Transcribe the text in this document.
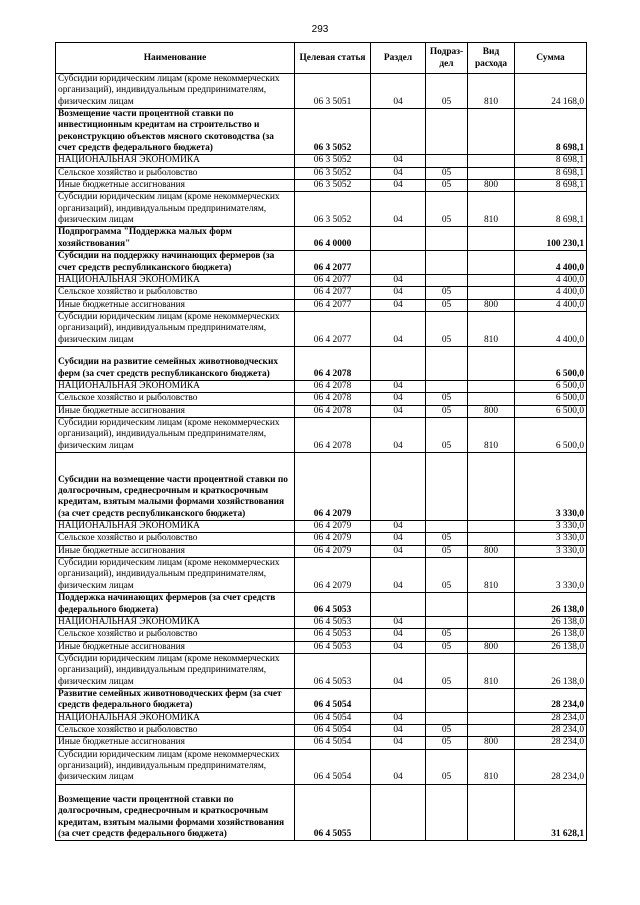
293
Наименование	Целевая статья	Раздел	Подраз- дел	Вид расхода	Сумма
Субсидии юридическим лицам (кроме некоммерческих организаций), индивидуальным предпринимателям, физическим лицам	06 3 5051	04	05	810	24 168,0
Возмещение части процентной ставки по инвестиционным кредитам на строительство и реконструкцию объектов мясного скотоводства (за счет средств федерального бюджета)	06 3 5052				8 698,1
НАЦИОНАЛЬНАЯ ЭКОНОМИКА	06 3 5052	04			8 698,1
Сельское хозяйство и рыболовство	06 3 5052	04	05		8 698,1
Иные бюджетные ассигнования	06 3 5052	04	05	800	8 698,1
Субсидии юридическим лицам (кроме некоммерческих организаций), индивидуальным предпринимателям, физическим лицам	06 3 5052	04	05	810	8 698,1
Подпрограмма "Поддержка малых форм хозяйствования"	06 4 0000				100 230,1
Субсидии на поддержку начинающих фермеров (за счет средств республиканского бюджета)	06 4 2077				4 400,0
НАЦИОНАЛЬНАЯ ЭКОНОМИКА	06 4 2077	04			4 400,0
Сельское хозяйство и рыболовство	06 4 2077	04	05		4 400,0
Иные бюджетные ассигнования	06 4 2077	04	05	800	4 400,0
Субсидии юридическим лицам (кроме некоммерческих организаций), индивидуальным предпринимателям, физическим лицам	06 4 2077	04	05	810	4 400,0
Субсидии на развитие семейных животноводческих ферм (за счет средств республиканского бюджета)	06 4 2078				6 500,0
НАЦИОНАЛЬНАЯ ЭКОНОМИКА	06 4 2078	04			6 500,0
Сельское хозяйство и рыболовство	06 4 2078	04	05		6 500,0
Иные бюджетные ассигнования	06 4 2078	04	05	800	6 500,0
Субсидии юридическим лицам (кроме некоммерческих организаций), индивидуальным предпринимателям, физическим лицам	06 4 2078	04	05	810	6 500,0
Субсидии на возмещение части процентной ставки по долгосрочным, среднесрочным и краткосрочным кредитам, взятым малыми формами хозяйствования (за счет средств республиканского бюджета)	06 4 2079				3 330,0
НАЦИОНАЛЬНАЯ ЭКОНОМИКА	06 4 2079	04			3 330,0
Сельское хозяйство и рыболовство	06 4 2079	04	05		3 330,0
Иные бюджетные ассигнования	06 4 2079	04	05	800	3 330,0
Субсидии юридическим лицам (кроме некоммерческих организаций), индивидуальным предпринимателям, физическим лицам	06 4 2079	04	05	810	3 330,0
Поддержка начинающих фермеров (за счет средств федерального бюджета)	06 4 5053				26 138,0
НАЦИОНАЛЬНАЯ ЭКОНОМИКА	06 4 5053	04			26 138,0
Сельское хозяйство и рыболовство	06 4 5053	04	05		26 138,0
Иные бюджетные ассигнования	06 4 5053	04	05	800	26 138,0
Субсидии юридическим лицам (кроме некоммерческих организаций), индивидуальным предпринимателям, физическим лицам	06 4 5053	04	05	810	26 138,0
Развитие семейных животноводческих ферм (за счет средств федерального бюджета)	06 4 5054				28 234,0
НАЦИОНАЛЬНАЯ ЭКОНОМИКА	06 4 5054	04			28 234,0
Сельское хозяйство и рыболовство	06 4 5054	04	05		28 234,0
Иные бюджетные ассигнования	06 4 5054	04	05	800	28 234,0
Субсидии юридическим лицам (кроме некоммерческих организаций), индивидуальным предпринимателям, физическим лицам	06 4 5054	04	05	810	28 234,0
Возмещение части процентной ставки по долгосрочным, среднесрочным и краткосрочным кредитам, взятым малыми формами хозяйствования (за счет средств федерального бюджета)	06 4 5055				31 628,1
